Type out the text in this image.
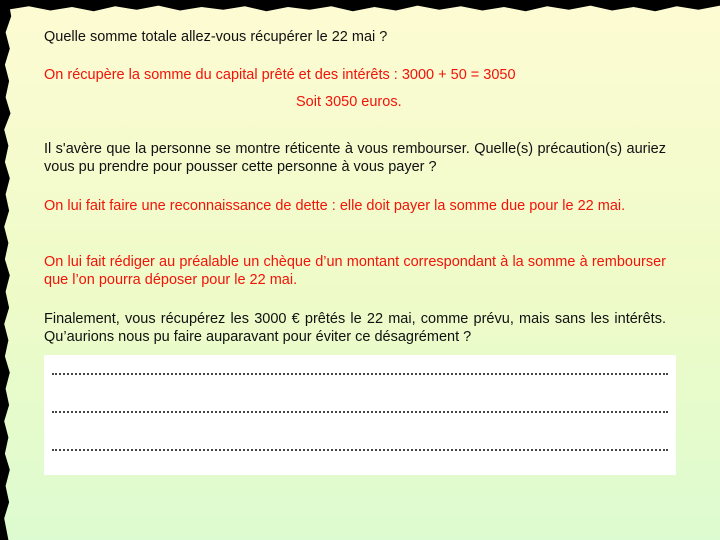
Quelle somme totale allez-vous récupérer le 22 mai ?
On récupère la somme du capital prêté et des intérêts : 3000 + 50 = 3050
Soit 3050 euros.
Il s'avère que la personne se montre réticente à vous rembourser. Quelle(s) précaution(s) auriez vous pu prendre pour pousser cette personne à vous payer ?
On lui fait faire une reconnaissance de dette : elle doit payer la somme due pour le 22 mai.
On lui fait rédiger au préalable un chèque d’un montant correspondant à la somme à rembourser que l’on pourra déposer pour le 22 mai.
Finalement, vous récupérez les 3000 € prêtés le 22 mai, comme prévu, mais sans les intérêts. Qu’aurions nous pu faire auparavant pour éviter ce désagrément ?
